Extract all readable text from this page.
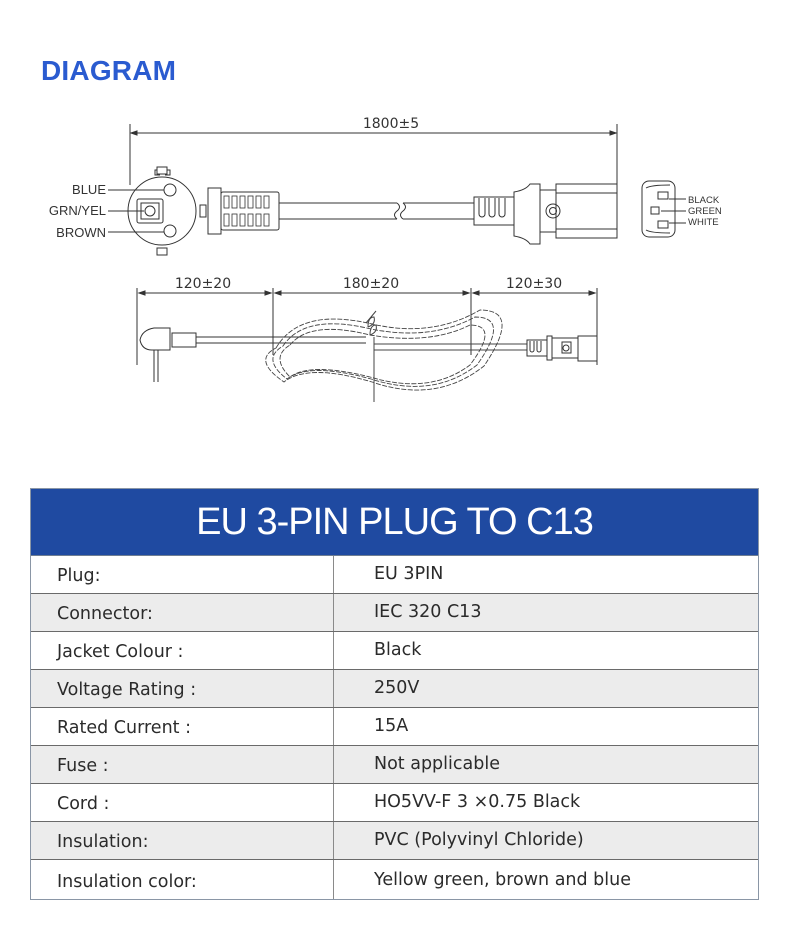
DIAGRAM
1800±5
BLUE
GRN/YEL
BROWN
BLACK
GREEN
WHITE
120±20	180±20	120±30
EU 3-PIN PLUG TO C13
Plug:	EU 3PIN
Connector:	IEC 320 C13
Jacket Colour :	Black
Voltage Rating :	250V
Rated Current :	15A
Fuse :	Not applicable
Cord :	HO5VV-F 3 ×0.75 Black
Insulation:	PVC (Polyvinyl Chloride)
Insulation color:	Yellow green, brown and blue
